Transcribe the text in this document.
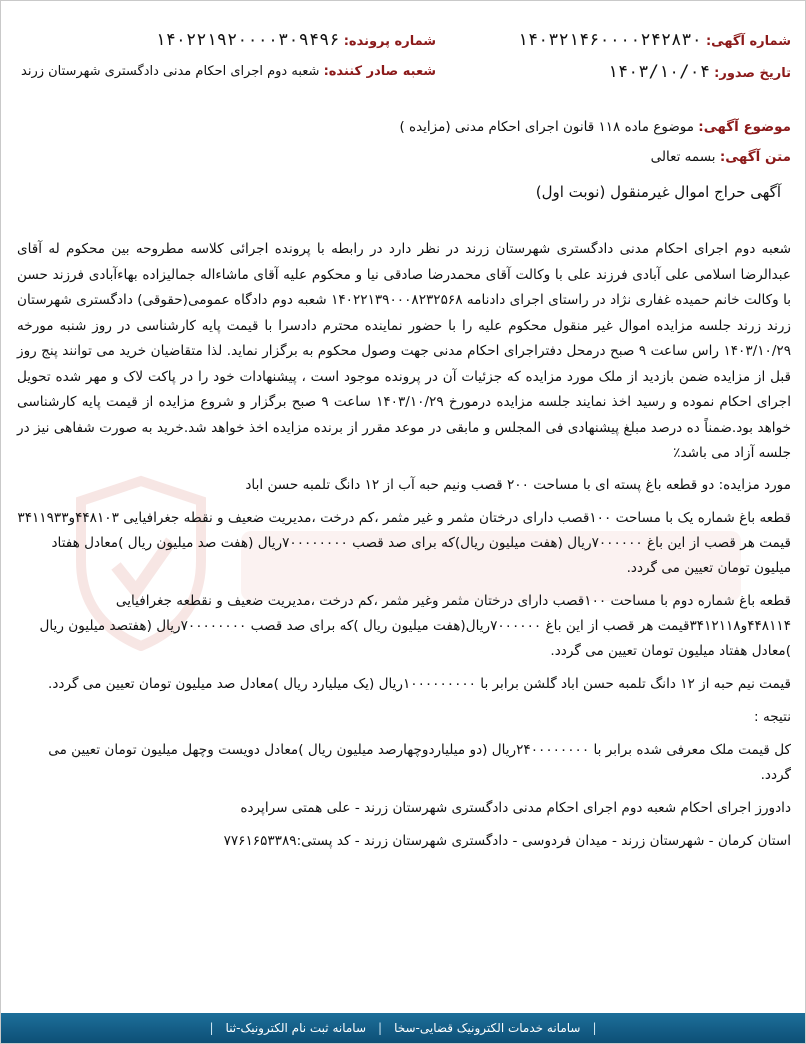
شماره آگهی: ۱۴۰۳۲۱۴۶۰۰۰۰۲۴۲۸۳۰
تاریخ صدور: ۱۴۰۳/۱۰/۰۴
شماره پرونده: ۱۴۰۲۲۱۹۲۰۰۰۰۳۰۹۴۹۶
شعبه صادر کننده: شعبه دوم اجرای احکام مدنی دادگستری شهرستان زرند
موضوع آگهی: موضوع ماده ۱۱۸ قانون اجرای احکام مدنی (مزایده )
متن آگهی: بسمه تعالی
آگهی حراج اموال غیرمنقول (نوبت اول)

شعبه دوم اجرای احکام مدنی دادگستری شهرستان زرند در نظر دارد در رابطه با پرونده اجرائی کلاسه مطروحه بین محکوم له آقای عبدالرضا اسلامی علی آبادی فرزند علی با وکالت آقای محمدرضا صادقی نیا و محکوم علیه آقای ماشاءاله جمالیزاده بهاءآبادی فرزند حسن با وکالت خانم حمیده غفاری نژاد در راستای اجرای دادنامه ۱۴۰۲۲۱۳۹۰۰۰۸۲۳۲۵۶۸ شعبه دوم دادگاه عمومی(حقوقی) دادگستری شهرستان زرند زرند جلسه مزایده اموال غیر منقول محکوم علیه را با حضور نماینده محترم دادسرا با قیمت پایه کارشناسی در روز شنبه مورخه ۱۴۰۳/۱۰/۲۹ راس ساعت ۹ صبح درمحل دفتراجرای احکام مدنی جهت وصول محکوم به برگزار نماید. لذا متقاضیان خرید می توانند پنج روز قبل از مزایده ضمن بازدید از ملک مورد مزایده که جزئیات آن در پرونده موجود است ، پیشنهادات خود را در پاکت لاک و مهر شده تحویل اجرای احکام نموده و رسید اخذ نمایند جلسه مزایده درمورخ ۱۴۰۳/۱۰/۲۹ ساعت ۹ صبح برگزار و شروع مزایده از قیمت پایه کارشناسی خواهد بود.ضمناً ده درصد مبلغ پیشنهادی فی المجلس و مابقی در موعد مقرر از برنده مزایده اخذ خواهد شد.خرید به صورت شفاهی نیز در جلسه آزاد می باشد٪

مورد مزایده: دو قطعه باغ پسته ای با مساحت ۲۰۰ قصب ونیم حبه آب از ۱۲ دانگ تلمبه حسن اباد

قطعه باغ شماره یک با مساحت ۱۰۰قصب دارای درختان مثمر و غیر مثمر ،کم درخت ،مدیریت ضعیف و نقطه جغرافیایی ۴۴۸۱۰۳و۳۴۱۱۹۳۳ قیمت هر قصب از این باغ ۷۰۰۰۰۰۰ریال (هفت میلیون ریال)که برای صد قصب ۷۰۰۰۰۰۰۰۰ریال (هفت صد میلیون ریال )معادل هفتاد میلیون تومان تعیین می گردد.

قطعه باغ شماره دوم با مساحت ۱۰۰قصب دارای درختان مثمر وغیر مثمر ،کم درخت ،مدیریت ضعیف و نقطعه جغرافیایی ۴۴۸۱۱۴و۳۴۱۲۱۱۸قیمت هر قصب از این باغ ۷۰۰۰۰۰۰ریال(هفت میلیون ریال )که برای صد قصب ۷۰۰۰۰۰۰۰۰ریال (هفتصد میلیون ریال )معادل هفتاد میلیون تومان تعیین می گردد.

قیمت نیم حبه از ۱۲ دانگ تلمبه حسن اباد گلشن برابر با ۱۰۰۰۰۰۰۰۰۰ریال (یک میلیارد ریال )معادل صد میلیون تومان تعیین می گردد.

نتیجه :

کل قیمت ملک معرفی شده برابر با ۲۴۰۰۰۰۰۰۰۰ریال (دو میلیاردوچهارصد میلیون ریال )معادل دویست وچهل میلیون تومان تعیین می گردد.

دادورز اجرای احکام شعبه دوم اجرای احکام مدنی دادگستری شهرستان زرند - علی همتی سراپرده

استان کرمان - شهرستان زرند - میدان فردوسی - دادگستری شهرستان زرند - کد پستی:۷۷۶۱۶۵۳۳۸۹

|
سامانه خدمات الکترونیک قضایی-سخا
|
سامانه ثبت نام الکترونیک-ثنا
|
